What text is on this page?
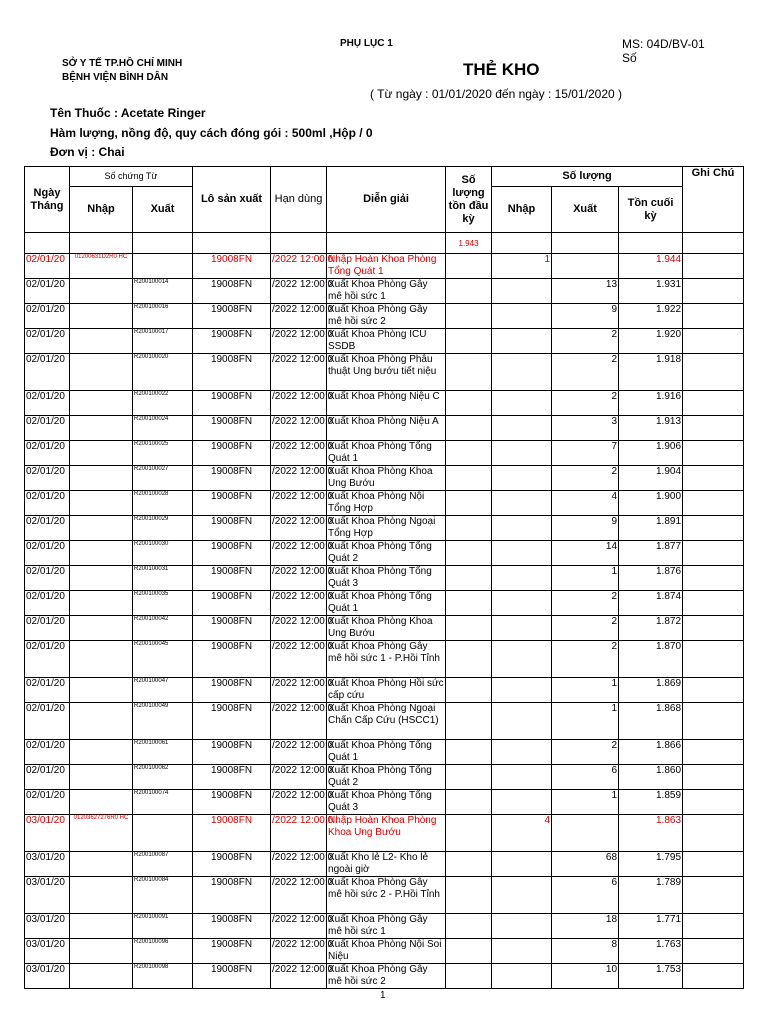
PHỤ LỤC 1	MS: 04D/BV-01
Số
SỞ Y TẾ TP.HỒ CHÍ MINH
BỆNH VIỆN BÌNH DÂN	THẺ KHO
( Từ ngày : 01/01/2020 đến ngày : 15/01/2020 )
Tên Thuốc : Acetate Ringer
Hàm lượng, nồng độ, quy cách đóng gói : 500ml ,Hộp / 0
Đơn vị : Chai
Ngày Tháng	Số chứng Từ		Lô sản xuất	Hạn dùng	Diễn giải	Số lượng tồn đầu kỳ	Số lượng			Ghi Chú
	Nhập	Xuất					Nhập	Xuất	Tồn cuối kỳ	
						1.943				
02/01/20	01200631D2R0 HC		19008FN	/2022 12:00:0	Nhập Hoàn Khoa Phòng Tổng Quát 1		1		1.944	
02/01/20		R200100014	19008FN	/2022 12:00:0	Xuất Khoa Phòng Gây mê hồi sức 1			13	1.931	
02/01/20		R200100016	19008FN	/2022 12:00:0	Xuất Khoa Phòng Gây mê hồi sức 2			9	1.922	
02/01/20		R200100017	19008FN	/2022 12:00:0	Xuất Khoa Phòng ICU SSDB			2	1.920	
02/01/20		R200100020	19008FN	/2022 12:00:0	Xuất Khoa Phòng Phẫu thuật Ung bướu tiết niệu			2	1.918	
02/01/20		R200100022	19008FN	/2022 12:00:0	Xuất Khoa Phòng Niệu C			2	1.916	
02/01/20		R200100024	19008FN	/2022 12:00:0	Xuất Khoa Phòng Niệu A			3	1.913	
02/01/20		R200100025	19008FN	/2022 12:00:0	Xuất Khoa Phòng Tổng Quát 1			7	1.906	
02/01/20		R200100027	19008FN	/2022 12:00:0	Xuất Khoa Phòng Khoa Ung Bướu			2	1.904	
02/01/20		R200100028	19008FN	/2022 12:00:0	Xuất Khoa Phòng Nội Tổng Hợp			4	1.900	
02/01/20		R200100029	19008FN	/2022 12:00:0	Xuất Khoa Phòng Ngoại Tổng Hợp			9	1.891	
02/01/20		R200100030	19008FN	/2022 12:00:0	Xuất Khoa Phòng Tổng Quát 2			14	1.877	
02/01/20		R200100031	19008FN	/2022 12:00:0	Xuất Khoa Phòng Tổng Quát 3			1	1.876	
02/01/20		R200100035	19008FN	/2022 12:00:0	Xuất Khoa Phòng Tổng Quát 1			2	1.874	
02/01/20		R200100042	19008FN	/2022 12:00:0	Xuất Khoa Phòng Khoa Ung Bướu			2	1.872	
02/01/20		R200100045	19008FN	/2022 12:00:0	Xuất Khoa Phòng Gây mê hồi sức 1 - P.Hồi Tỉnh			2	1.870	
02/01/20		R200100047	19008FN	/2022 12:00:0	Xuất Khoa Phòng Hồi sức cấp cứu			1	1.869	
02/01/20		R200100049	19008FN	/2022 12:00:0	Xuất Khoa Phòng Ngoại Chấn Cấp Cứu (HSCC1)			1	1.868	
02/01/20		R200100061	19008FN	/2022 12:00:0	Xuất Khoa Phòng Tổng Quát 1			2	1.866	
02/01/20		R200100062	19008FN	/2022 12:00:0	Xuất Khoa Phòng Tổng Quát 2			6	1.860	
02/01/20		R200100074	19008FN	/2022 12:00:0	Xuất Khoa Phòng Tổng Quát 3			1	1.859	
03/01/20	01203627276R0 HC		19008FN	/2022 12:00:0	Nhập Hoàn Khoa Phòng Khoa Ung Bướu		4		1.863	
03/01/20		R200100087	19008FN	/2022 12:00:0	Xuất Kho lẻ L2- Kho lẻ ngoài giờ			68	1.795	
03/01/20		R200100084	19008FN	/2022 12:00:0	Xuất Khoa Phòng Gây mê hồi sức 2 - P.Hồi Tỉnh			6	1.789	
03/01/20		R200100091	19008FN	/2022 12:00:0	Xuất Khoa Phòng Gây mê hồi sức 1			18	1.771	
03/01/20		R200100096	19008FN	/2022 12:00:0	Xuất Khoa Phòng Nội Soi Niệu			8	1.763	
03/01/20		R200100098	19008FN	/2022 12:00:0	Xuất Khoa Phòng Gây mê hồi sức 2			10	1.753	
1
